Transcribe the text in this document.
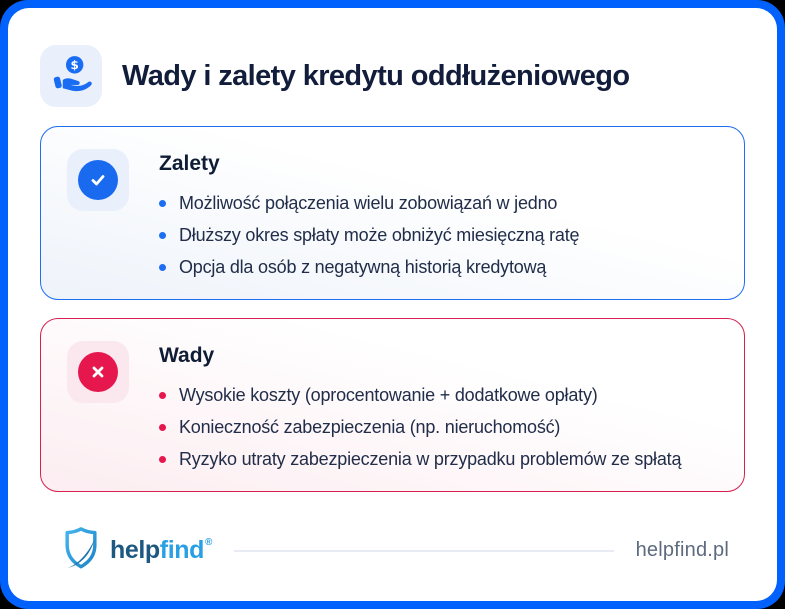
$ Wady i zalety kredytu oddłużeniowego
Zalety
Możliwość połączenia wielu zobowiązań w jedno
Dłuższy okres spłaty może obniżyć miesięczną ratę
Opcja dla osób z negatywną historią kredytową
Wady
Wysokie koszty (oprocentowanie + dodatkowe opłaty)
Konieczność zabezpieczenia (np. nieruchomość)
Ryzyko utraty zabezpieczenia w przypadku problemów ze spłatą
helpfind®	helpfind.pl
